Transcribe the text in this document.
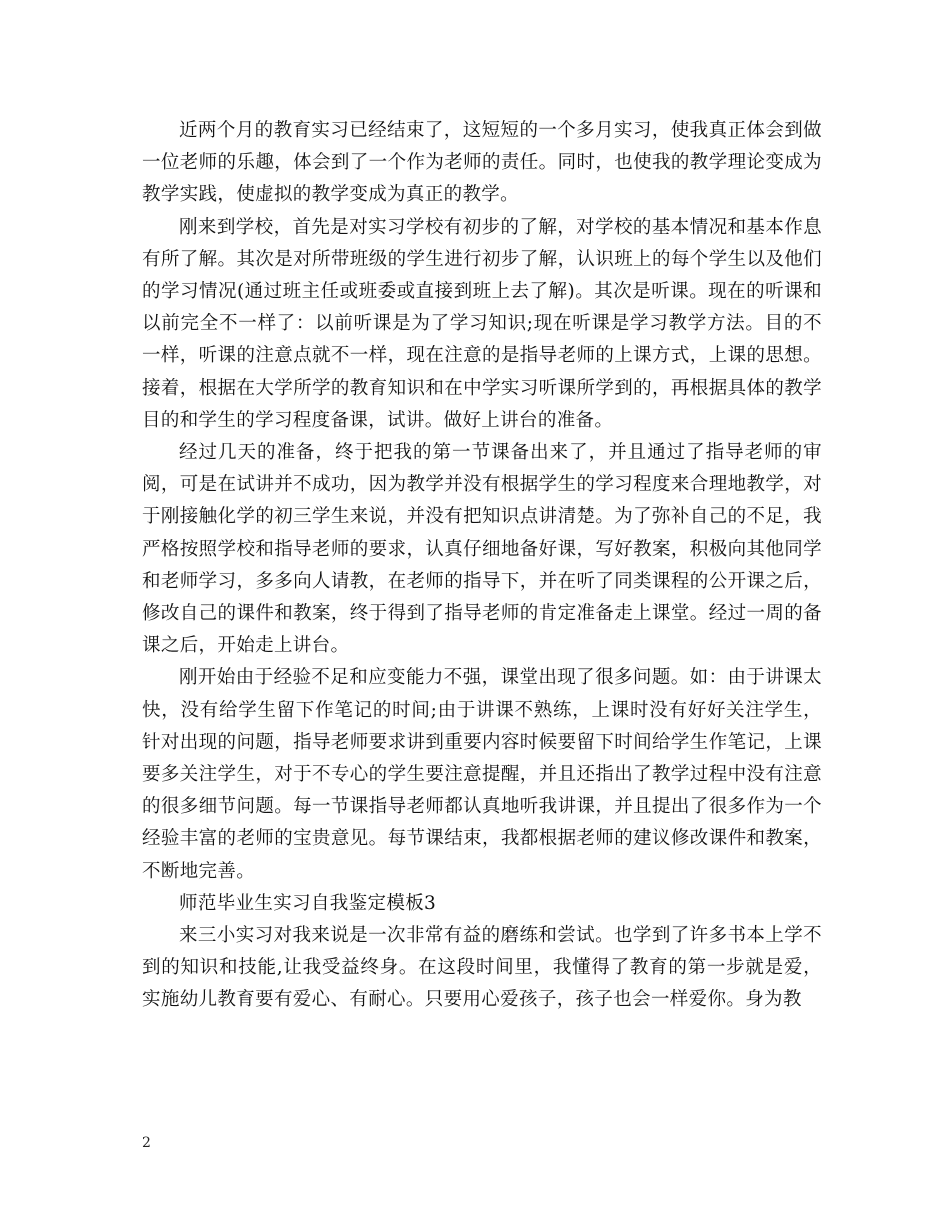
近两个月的教育实习已经结束了，这短短的一个多月实习，使我真正体会到做一位老师的乐趣，体会到了一个作为老师的责任。同时，也使我的教学理论变成为教学实践，使虚拟的教学变成为真正的教学。

刚来到学校，首先是对实习学校有初步的了解，对学校的基本情况和基本作息有所了解。其次是对所带班级的学生进行初步了解，认识班上的每个学生以及他们的学习情况(通过班主任或班委或直接到班上去了解)。其次是听课。现在的听课和以前完全不一样了：以前听课是为了学习知识;现在听课是学习教学方法。目的不一样，听课的注意点就不一样，现在注意的是指导老师的上课方式，上课的思想。接着，根据在大学所学的教育知识和在中学实习听课所学到的，再根据具体的教学目的和学生的学习程度备课，试讲。做好上讲台的准备。

经过几天的准备，终于把我的第一节课备出来了，并且通过了指导老师的审阅，可是在试讲并不成功，因为教学并没有根据学生的学习程度来合理地教学，对于刚接触化学的初三学生来说，并没有把知识点讲清楚。为了弥补自己的不足，我严格按照学校和指导老师的要求，认真仔细地备好课，写好教案，积极向其他同学和老师学习，多多向人请教，在老师的指导下，并在听了同类课程的公开课之后，修改自己的课件和教案，终于得到了指导老师的肯定准备走上课堂。经过一周的备课之后，开始走上讲台。

刚开始由于经验不足和应变能力不强，课堂出现了很多问题。如：由于讲课太快，没有给学生留下作笔记的时间;由于讲课不熟练，上课时没有好好关注学生，针对出现的问题，指导老师要求讲到重要内容时候要留下时间给学生作笔记，上课要多关注学生，对于不专心的学生要注意提醒，并且还指出了教学过程中没有注意的很多细节问题。每一节课指导老师都认真地听我讲课，并且提出了很多作为一个经验丰富的老师的宝贵意见。每节课结束，我都根据老师的建议修改课件和教案，不断地完善。

师范毕业生实习自我鉴定模板3

来三小实习对我来说是一次非常有益的磨练和尝试。也学到了许多书本上学不到的知识和技能,让我受益终身。在这段时间里，我懂得了教育的第一步就是爱，实施幼儿教育要有爱心、有耐心。只要用心爱孩子，孩子也会一样爱你。身为教

2
